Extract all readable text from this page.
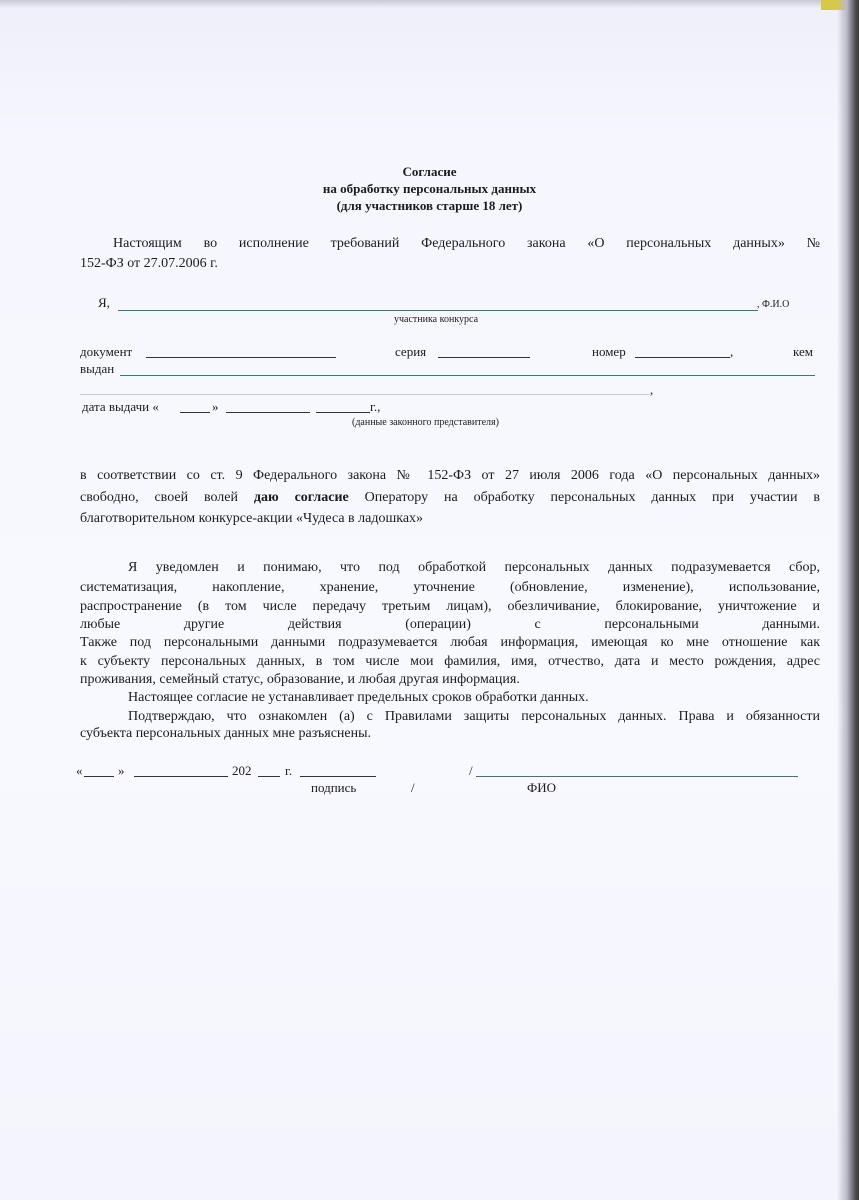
Согласие
на обработку персональных данных
(для участников старше 18 лет)
Настоящим во исполнение требований Федерального закона «О персональных данных» №
152-ФЗ от 27.07.2006 г.
Я,	, Ф.И.О
участника конкурса
документ	серия	номер	,	кем
выдан
,
дата выдачи «	»	г.,
(данные законного представителя)
в соответствии со ст. 9 Федерального закона № 152-ФЗ от 27 июля 2006 года «О персональных данных»
свободно, своей волей даю согласие Оператору на обработку персональных данных при участии в
благотворительном конкурсе-акции «Чудеса в ладошках»
Я уведомлен и понимаю, что под обработкой персональных данных подразумевается сбор,
систематизация, накопление, хранение, уточнение (обновление, изменение), использование,
распространение (в том числе передачу третьим лицам), обезличивание, блокирование, уничтожение и
любые другие действия (операции) с персональными данными.
Также под персональными данными подразумевается любая информация, имеющая ко мне отношение как
к субъекту персональных данных, в том числе мои фамилия, имя, отчество, дата и место рождения, адрес
проживания, семейный статус, образование, и любая другая информация.
Настоящее согласие не устанавливает предельных сроков обработки данных.
Подтверждаю, что ознакомлен (а) с Правилами защиты персональных данных. Права и обязанности
субъекта персональных данных мне разъяснены.
«	»	202	г.	/
подпись	/	ФИО
